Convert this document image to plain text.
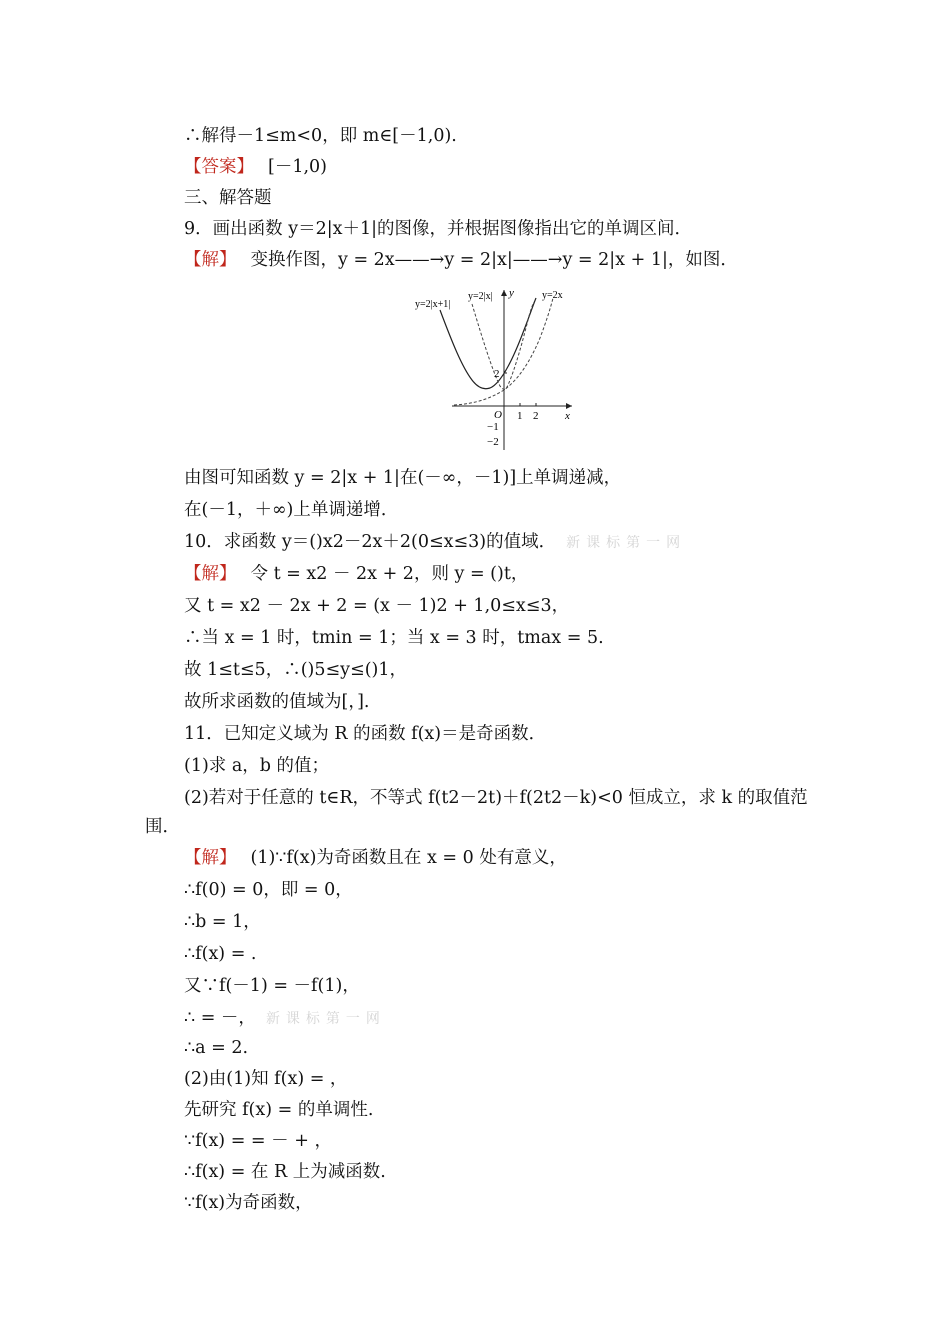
∴解得－1≤m<0，即 m∈[－1,0).
【答案】 [－1,0)
三、解答题
9．画出函数 y＝2|x＋1|的图像，并根据图像指出它的单调区间．
【解】 变换作图，y = 2x——→y = 2|x|——→y = 2|x + 1|，如图．
y=2|x+1|
y=2|x|	y=2x
y
x
O 1 2
2
−1
−2
由图可知函数 y = 2|x + 1|在(－∞，－1)]上单调递减，
在(－1，＋∞)上单调递增．
10．求函数 y＝()x2－2x＋2(0≤x≤3)的值域． 新课标第一网
【解】 令 t = x2 － 2x + 2，则 y = ()t，
又 t = x2 － 2x + 2 = (x － 1)2 + 1,0≤x≤3，
∴当 x = 1 时，tmin = 1；当 x = 3 时，tmax = 5.
故 1≤t≤5，∴()5≤y≤()1，
故所求函数的值域为[，].
11．已知定义域为 R 的函数 f(x)＝是奇函数．
(1)求 a，b 的值；
(2)若对于任意的 t∈R，不等式 f(t2－2t)＋f(2t2－k)<0 恒成立，求 k 的取值范
围．
【解】 (1)∵f(x)为奇函数且在 x = 0 处有意义，
∴f(0) = 0，即 = 0，
∴b = 1，
∴f(x) = .
又∵f(－1) = －f(1)，
∴ = －， 新课标第一网
∴a = 2.
(2)由(1)知 f(x) = ，
先研究 f(x) = 的单调性.
∵f(x) = = － + ，
∴f(x) = 在 R 上为减函数.
∵f(x)为奇函数，
